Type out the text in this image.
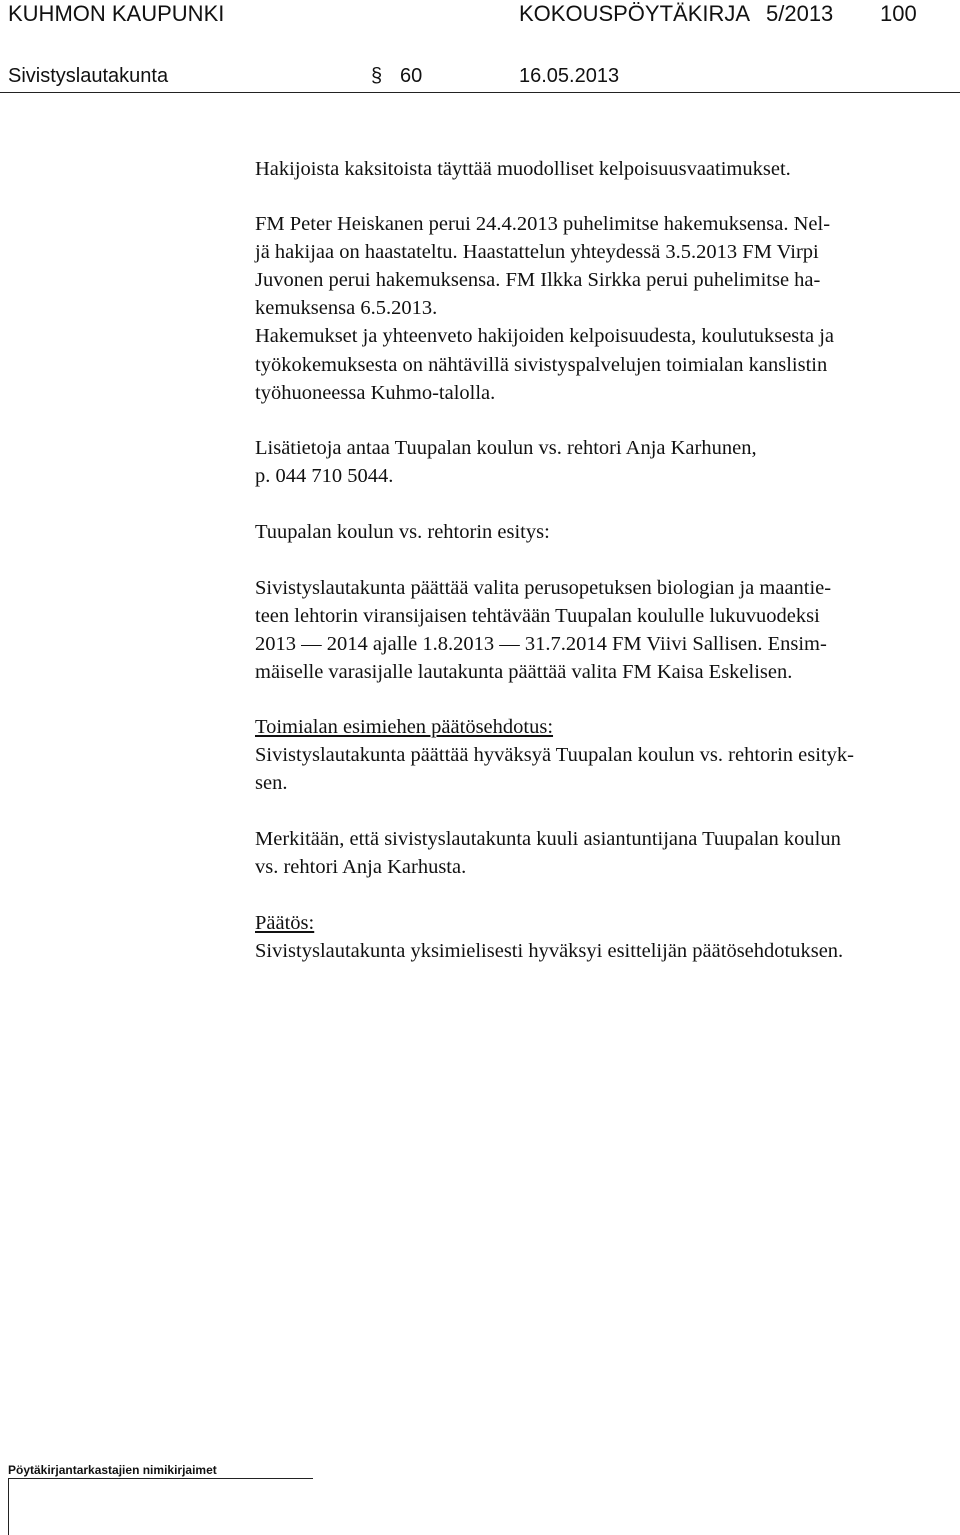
KUHMON KAUPUNKI	KOKOUSPÖYTÄKIRJA 5/2013 100
Sivistyslautakunta	§ 60	16.05.2013
Hakijoista kaksitoista täyttää muodolliset kelpoisuusvaatimukset.
FM Peter Heiskanen perui 24.4.2013 puhelimitse hakemuksensa. Nel-
jä hakijaa on haastateltu. Haastattelun yhteydessä 3.5.2013 FM Virpi
Juvonen perui hakemuksensa. FM Ilkka Sirkka perui puhelimitse ha-
kemuksensa 6.5.2013.
Hakemukset ja yhteenveto hakijoiden kelpoisuudesta, koulutuksesta ja
työkokemuksesta on nähtävillä sivistyspalvelujen toimialan kanslistin
työhuoneessa Kuhmo-talolla.
Lisätietoja antaa Tuupalan koulun vs. rehtori Anja Karhunen,
p. 044 710 5044.
Tuupalan koulun vs. rehtorin esitys:
Sivistyslautakunta päättää valita perusopetuksen biologian ja maantie-
teen lehtorin viransijaisen tehtävään Tuupalan koululle lukuvuodeksi
2013 — 2014 ajalle 1.8.2013 — 31.7.2014 FM Viivi Sallisen. Ensim-
mäiselle varasijalle lautakunta päättää valita FM Kaisa Eskelisen.
Toimialan esimiehen päätösehdotus:
Sivistyslautakunta päättää hyväksyä Tuupalan koulun vs. rehtorin esityk-
sen.
Merkitään, että sivistyslautakunta kuuli asiantuntijana Tuupalan koulun
vs. rehtori Anja Karhusta.
Päätös:
Sivistyslautakunta yksimielisesti hyväksyi esittelijän päätösehdotuksen.
Pöytäkirjantarkastajien nimikirjaimet
